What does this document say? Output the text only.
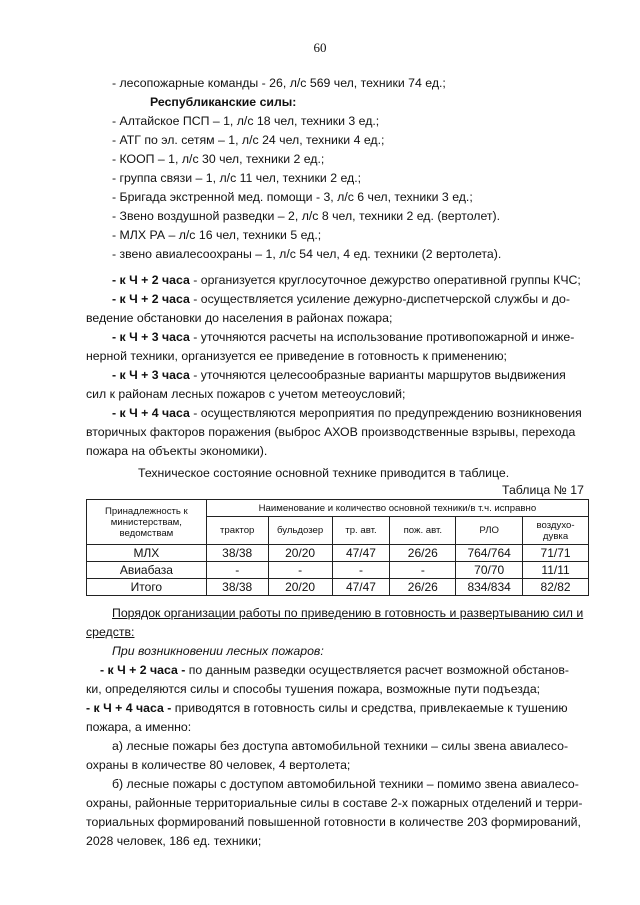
60
- лесопожарные команды - 26, л/с 569 чел, техники 74 ед.;
Республиканские силы:
- Алтайское ПСП – 1, л/с 18 чел, техники 3 ед.;
- АТГ по эл. сетям – 1, л/с 24 чел, техники 4 ед.;
- КООП – 1, л/с 30 чел, техники 2 ед.;
- группа связи – 1, л/с 11 чел, техники 2 ед.;
- Бригада экстренной мед. помощи - 3, л/с 6 чел, техники 3 ед.;
- Звено воздушной разведки – 2, л/с 8 чел, техники 2 ед. (вертолет).
- МЛХ РА – л/с 16 чел, техники 5 ед.;
- звено авиалесоохраны – 1, л/с 54 чел, 4 ед. техники (2 вертолета).
- к Ч + 2 часа - организуется круглосуточное дежурство оперативной группы КЧС;
- к Ч + 2 часа - осуществляется усиление дежурно-диспетчерской службы и до-
ведение обстановки до населения в районах пожара;
- к Ч + 3 часа - уточняются расчеты на использование противопожарной и инже-
нерной техники, организуется ее приведение в готовность к применению;
- к Ч + 3 часа - уточняются целесообразные варианты маршрутов выдвижения
сил к районам лесных пожаров с учетом метеоусловий;
- к Ч + 4 часа - осуществляются мероприятия по предупреждению возникновения
вторичных факторов поражения (выброс АХОВ производственные взрывы, перехода
пожара на объекты экономики).
Техническое состояние основной технике приводится в таблице.
Таблица № 17
Принадлежность к министерствам, ведомствам	Наименование и количество основной техники/в т.ч. исправно					
	трактор	бульдозер	тр. авт.	пож. авт.	РЛО	воздухо-дувка
МЛХ	38/38	20/20	47/47	26/26	764/764	71/71
Авиабаза	-	-	-	-	70/70	11/11
Итого	38/38	20/20	47/47	26/26	834/834	82/82
Порядок организации работы по приведению в готовность и развертыванию сил и
средств:
При возникновении лесных пожаров:
- к Ч + 2 часа - по данным разведки осуществляется расчет возможной обстанов-
ки, определяются силы и способы тушения пожара, возможные пути подъезда;
- к Ч + 4 часа - приводятся в готовность силы и средства, привлекаемые к тушению
пожара, а именно:
а) лесные пожары без доступа автомобильной техники – силы звена авиалесо-
охраны в количестве 80 человек, 4 вертолета;
б) лесные пожары с доступом автомобильной техники – помимо звена авиалесо-
охраны, районные территориальные силы в составе 2-х пожарных отделений и терри-
ториальных формирований повышенной готовности в количестве 203 формирований,
2028 человек, 186 ед. техники;
